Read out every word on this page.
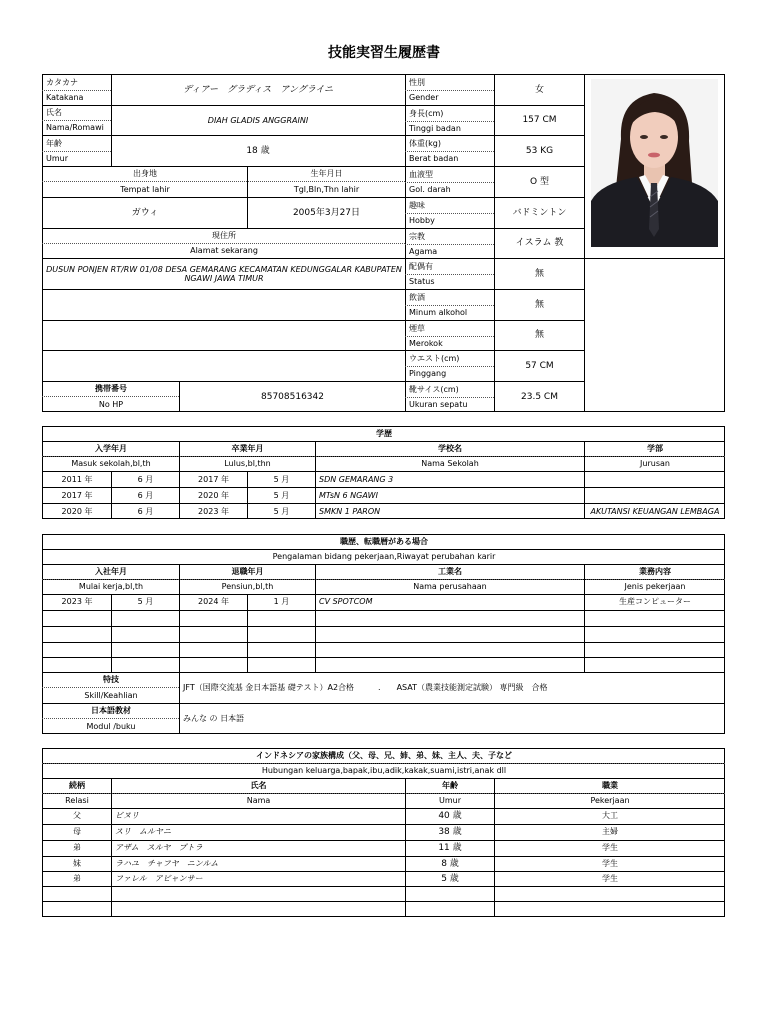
技能実習生履歴書
カタカナ
Katakana
ディアー　グラディス　アングライニ
氏名
Nama/Romawi
DIAH GLADIS ANGGRAINI
年齢
Umur
18 歳
出身地
Tempat lahir
ガウィ
生年月日
Tgl,Bln,Thn lahir
2005年3月27日
現住所
Alamat sekarang
DUSUN PONJEN RT/RW 01/08 DESA GEMARANG KECAMATAN KEDUNGGALAR KABUPATEN NGAWI JAWA TIMUR
携帯番号
No HP
85708516342
性別
Gender
女
身長(cm)
Tinggi badan
157 CM
体重(kg)
Berat badan
53 KG
血液型
Gol. darah
O 型
趣味
Hobby
バドミントン
宗教
Agama
イスラム 教
配偶有
Status
無
飲酒
Minum alkohol
無
煙草
Merokok
無
ウエスト(cm)
Pinggang
57 CM
靴サイス(cm)
Ukuran sepatu
23.5 CM
学歴
入学年月	卒業年月	学校名	学部
Masuk sekolah,bl,th	Lulus,bl,thn	Nama Sekolah	Jurusan
2011 年	6 月	2017 年	5 月	SDN GEMARANG 3
2017 年	6 月	2020 年	5 月	MTsN 6 NGAWI
2020 年	6 月	2023 年	5 月	SMKN 1 PARON	AKUTANSI KEUANGAN LEMBAGA
職歴、転職暦がある場合
Pengalaman bidang pekerjaan,Riwayat perubahan karir
入社年月	退職年月	工業名	業務内容
Mulai kerja,bl,th	Pensiun,bl,th	Nama perusahaan	Jenis pekerjaan
2023 年	5 月	2024 年	1 月	CV SPOTCOM	生産コンピューター
特技
Skill/Keahlian
JFT（国際交流基 金日本語基 礎テスト）A2合格　　　.　　ASAT（農業技能測定試験） 専門級　合格
日本語教材
Modul /buku
みんな の 日本語
インドネシアの家族構成（父、母、兄、姉、弟、妹、主人、夫、子など
Hubungan keluarga,bapak,ibu,adik,kakak,suami,istri,anak dll
続柄	氏名	年齢	職業
Relasi	Nama	Umur	Pekerjaan
父	ビヌリ	40 歳	大工
母	スリ　ムルヤニ	38 歳	主婦
弟	アザム　スルヤ　プトラ	11 歳	学生
妹	ラハユ　チャフヤ　ニンルム	8 歳	学生
弟	ファレル　アビャンサー	5 歳	学生
